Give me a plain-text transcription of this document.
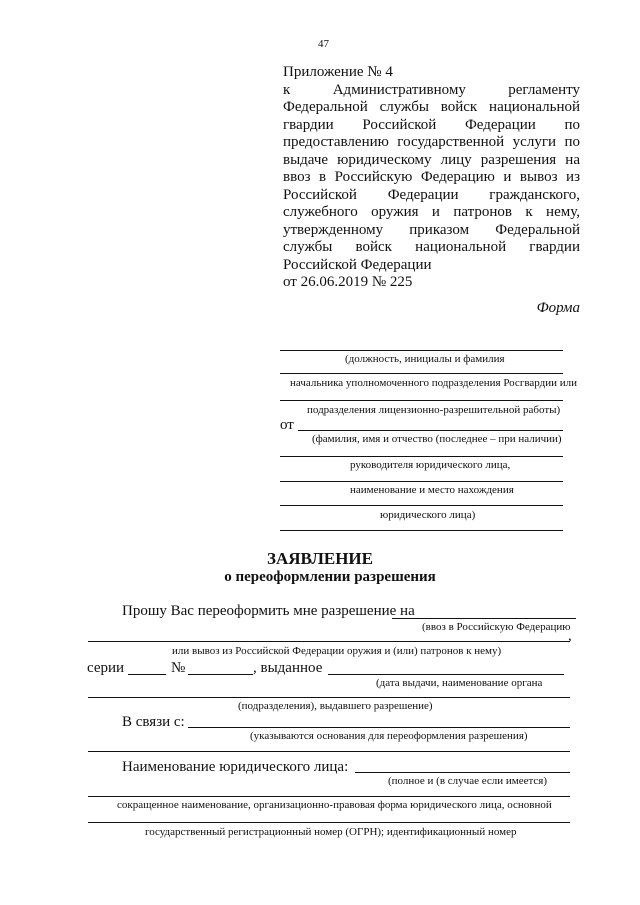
47
Приложение № 4
к Административному регламенту
Федеральной службы войск национальной
гвардии Российской Федерации по
предоставлению государственной услуги по
выдаче юридическому лицу разрешения на
ввоз в Российскую Федерацию и вывоз из
Российской Федерации гражданского,
служебного оружия и патронов к нему,
утвержденному приказом Федеральной
службы войск национальной гвардии
Российской Федерации
от 26.06.2019 № 225
Форма
(должность, инициалы и фамилия
начальника уполномоченного подразделения Росгвардии или
подразделения лицензионно-разрешительной работы)
от
(фамилия, имя и отчество (последнее – при наличии)
руководителя юридического лица,
наименование и место нахождения
юридического лица)
ЗАЯВЛЕНИЕ
о переоформлении разрешения
Прошу Вас переоформить мне разрешение на
(ввоз в Российскую Федерацию
,
или вывоз из Российской Федерации оружия и (или) патронов к нему)
серии	№	, выданное
(дата выдачи, наименование органа
(подразделения), выдавшего разрешение)
В связи с:
(указываются основания для переоформления разрешения)
Наименование юридического лица:
(полное и (в случае если имеется)
сокращенное наименование, организационно-правовая форма юридического лица, основной
государственный регистрационный номер (ОГРН); идентификационный номер
